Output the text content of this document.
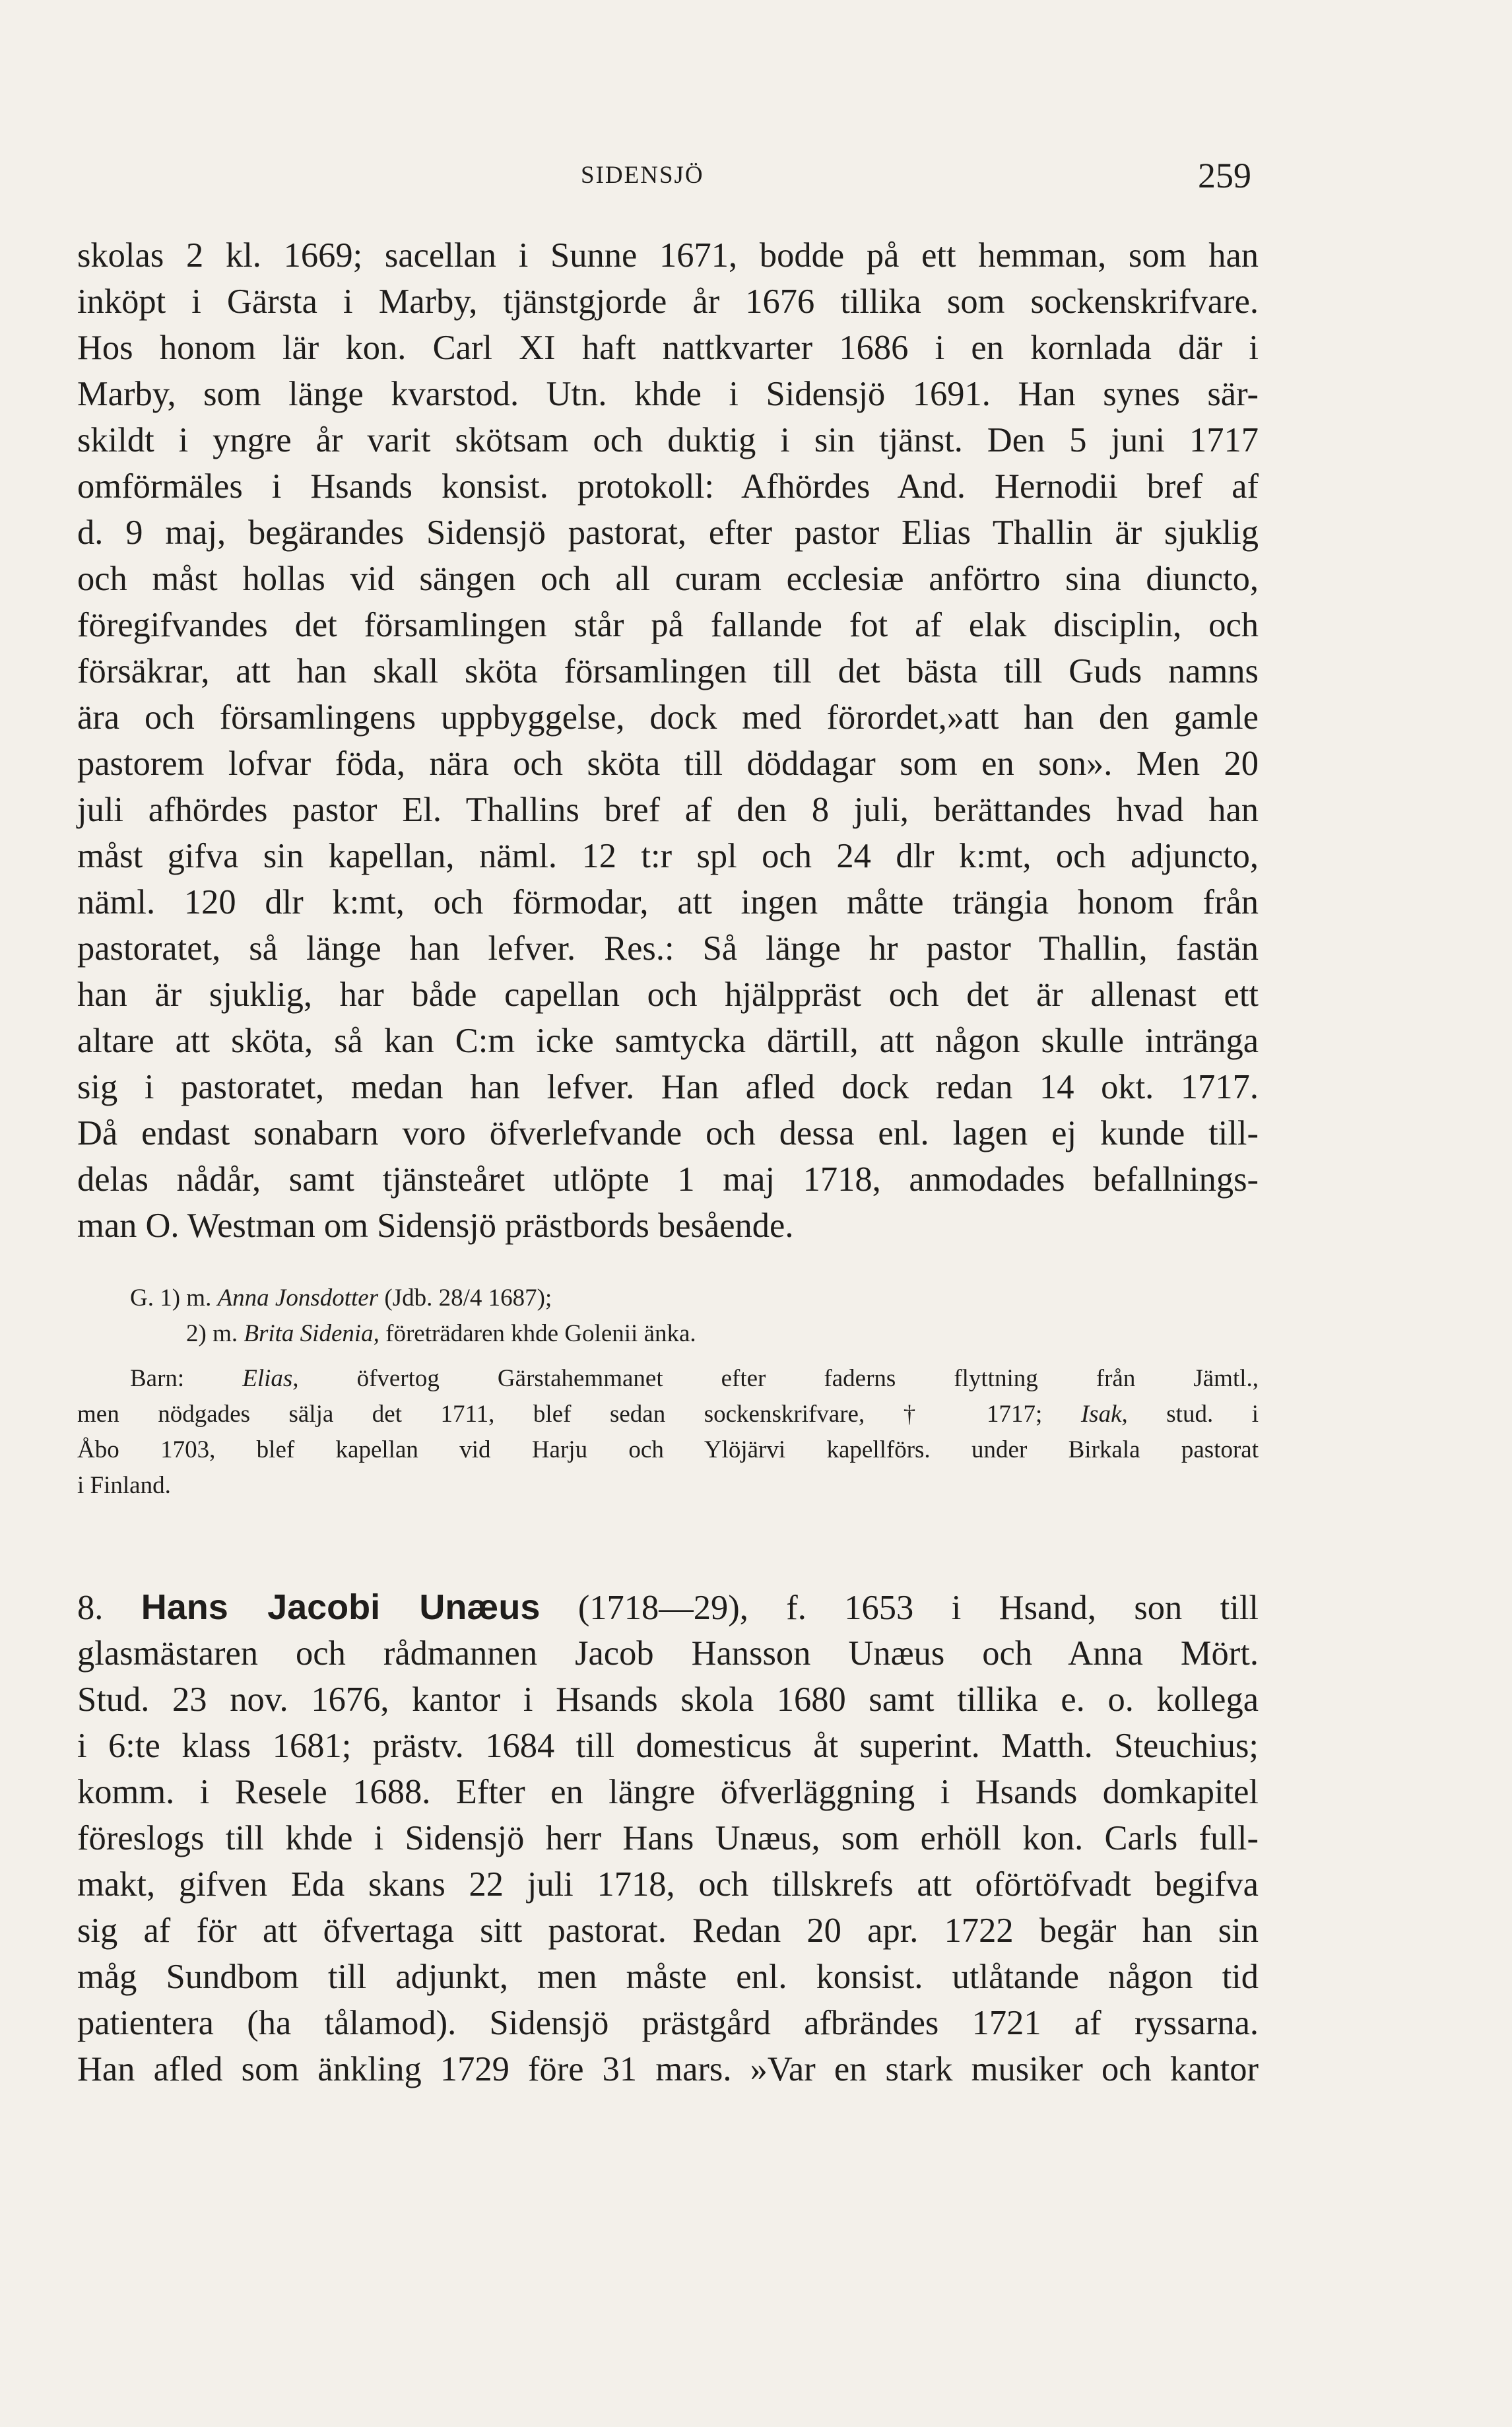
SIDENSJÖ	259
skolas 2 kl. 1669; sacellan i Sunne 1671, bodde på ett hemman, som han
inköpt i Gärsta i Marby, tjänstgjorde år 1676 tillika som sockenskrifvare.
Hos honom lär kon. Carl XI haft nattkvarter 1686 i en kornlada där i
Marby, som länge kvarstod. Utn. khde i Sidensjö 1691. Han synes sär-
skildt i yngre år varit skötsam och duktig i sin tjänst. Den 5 juni 1717
omförmäles i Hsands konsist. protokoll: Afhördes And. Hernodii bref af
d. 9 maj, begärandes Sidensjö pastorat, efter pastor Elias Thallin är sjuklig
och måst hollas vid sängen och all curam ecclesiæ anförtro sina diuncto,
föregifvandes det församlingen står på fallande fot af elak disciplin, och
försäkrar, att han skall sköta församlingen till det bästa till Guds namns
ära och församlingens uppbyggelse, dock med förordet,»att han den gamle
pastorem lofvar föda, nära och sköta till döddagar som en son». Men 20
juli afhördes pastor El. Thallins bref af den 8 juli, berättandes hvad han
måst gifva sin kapellan, näml. 12 t:r spl och 24 dlr k:mt, och adjuncto,
näml. 120 dlr k:mt, och förmodar, att ingen måtte trängia honom från
pastoratet, så länge han lefver. Res.: Så länge hr pastor Thallin, fastän
han är sjuklig, har både capellan och hjälppräst och det är allenast ett
altare att sköta, så kan C:m icke samtycka därtill, att någon skulle intränga
sig i pastoratet, medan han lefver. Han afled dock redan 14 okt. 1717.
Då endast sonabarn voro öfverlefvande och dessa enl. lagen ej kunde till-
delas nådår, samt tjänsteåret utlöpte 1 maj 1718, anmodades befallnings-
man O. Westman om Sidensjö prästbords besående.
G. 1) m. Anna Jonsdotter (Jdb. 28/4 1687);
2) m. Brita Sidenia, företrädaren khde Golenii änka.
Barn: Elias, öfvertog Gärstahemmanet efter faderns flyttning från Jämtl.,
men nödgades sälja det 1711, blef sedan sockenskrifvare, † 1717; Isak, stud. i
Åbo 1703, blef kapellan vid Harju och Ylöjärvi kapellförs. under Birkala pastorat
i Finland.
8. Hans Jacobi Unæus (1718—29), f. 1653 i Hsand, son till
glasmästaren och rådmannen Jacob Hansson Unæus och Anna Mört.
Stud. 23 nov. 1676, kantor i Hsands skola 1680 samt tillika e. o. kollega
i 6:te klass 1681; prästv. 1684 till domesticus åt superint. Matth. Steuchius;
komm. i Resele 1688. Efter en längre öfverläggning i Hsands domkapitel
föreslogs till khde i Sidensjö herr Hans Unæus, som erhöll kon. Carls full-
makt, gifven Eda skans 22 juli 1718, och tillskrefs att oförtöfvadt begifva
sig af för att öfvertaga sitt pastorat. Redan 20 apr. 1722 begär han sin
måg Sundbom till adjunkt, men måste enl. konsist. utlåtande någon tid
patientera (ha tålamod). Sidensjö prästgård afbrändes 1721 af ryssarna.
Han afled som änkling 1729 före 31 mars. »Var en stark musiker och kantor
